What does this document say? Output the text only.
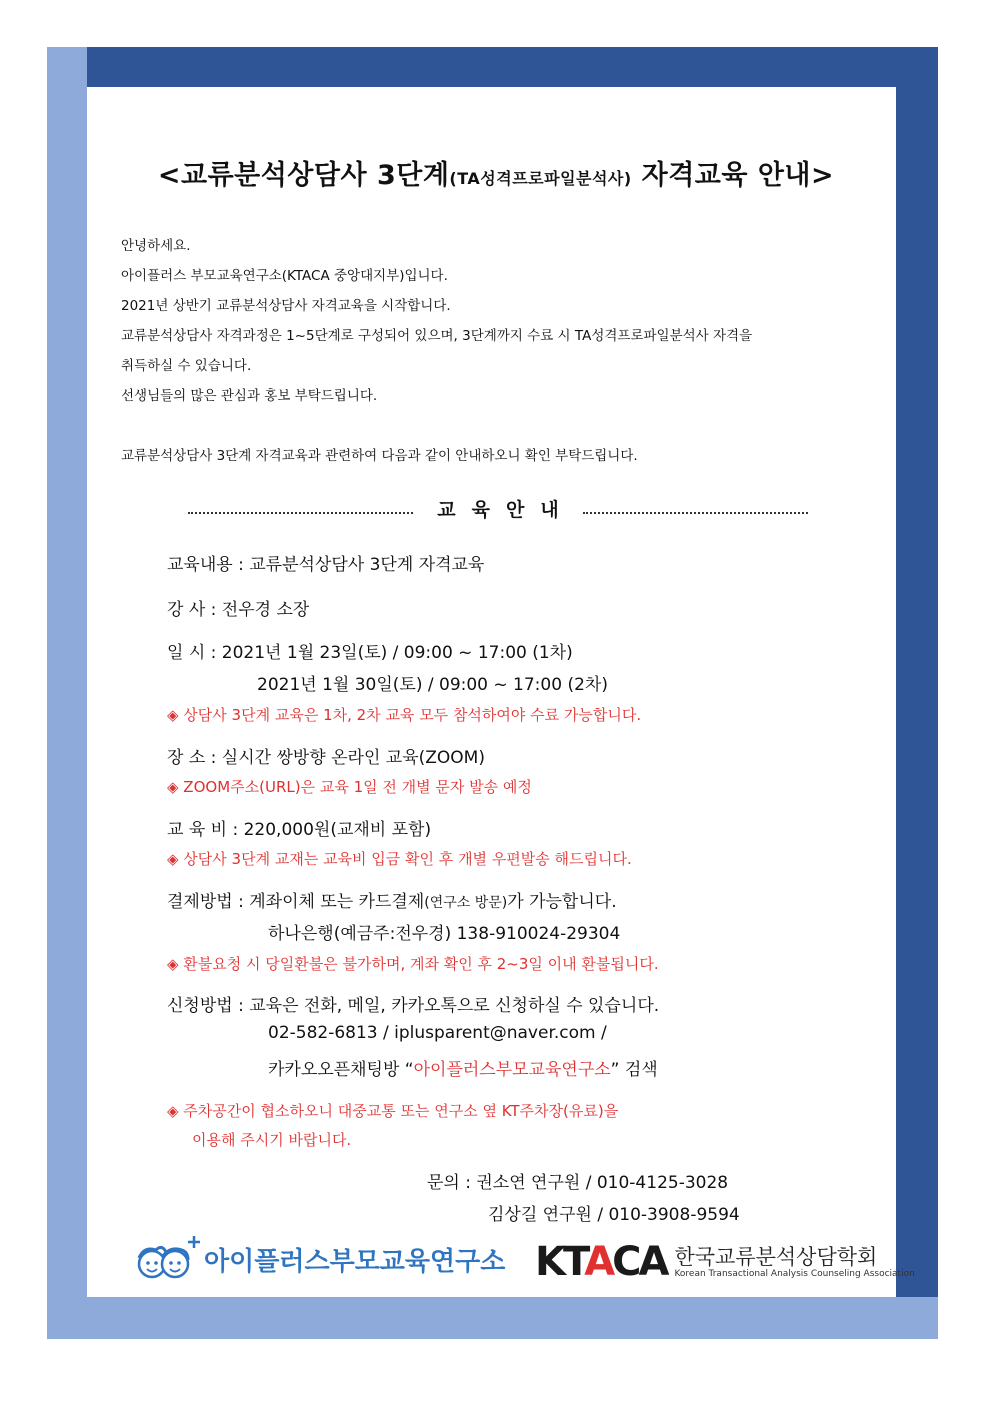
<교류분석상담사 3단계(TA성격프로파일분석사) 자격교육 안내>
안녕하세요.
아이플러스 부모교육연구소(KTACA 중앙대지부)입니다.
2021년 상반기 교류분석상담사 자격교육을 시작합니다.
교류분석상담사 자격과정은 1~5단계로 구성되어 있으며, 3단계까지 수료 시 TA성격프로파일분석사 자격을
취득하실 수 있습니다.
선생님들의 많은 관심과 홍보 부탁드립니다.
교류분석상담사 3단계 자격교육과 관련하여 다음과 같이 안내하오니 확인 부탁드립니다.
교육안내
교육내용 : 교류분석상담사 3단계 자격교육
강 사 : 전우경 소장
일 시 : 2021년 1월 23일(토) / 09:00 ~ 17:00 (1차)
2021년 1월 30일(토) / 09:00 ~ 17:00 (2차)
◈ 상담사 3단계 교육은 1차, 2차 교육 모두 참석하여야 수료 가능합니다.
장 소 : 실시간 쌍방향 온라인 교육(ZOOM)
◈ ZOOM주소(URL)은 교육 1일 전 개별 문자 발송 예정
교 육 비 : 220,000원(교재비 포함)
◈ 상담사 3단계 교재는 교육비 입금 확인 후 개별 우편발송 해드립니다.
결제방법 : 계좌이체 또는 카드결제(연구소 방문)가 가능합니다.
하나은행(예금주:전우경) 138-910024-29304
◈ 환불요청 시 당일환불은 불가하며, 계좌 확인 후 2~3일 이내 환불됩니다.
신청방법 : 교육은 전화, 메일, 카카오톡으로 신청하실 수 있습니다.
02-582-6813 / iplusparent@naver.com /
카카오오픈채팅방 “아이플러스부모교육연구소” 검색
◈ 주차공간이 협소하오니 대중교통 또는 연구소 옆 KT주차장(유료)을
이용해 주시기 바랍니다.
문의 : 권소연 연구원 / 010-4125-3028
김상길 연구원 / 010-3908-9594
아이플러스부모교육연구소 KTACA 한국교류분석상담학회
Korean Transactional Analysis Counseling Association
